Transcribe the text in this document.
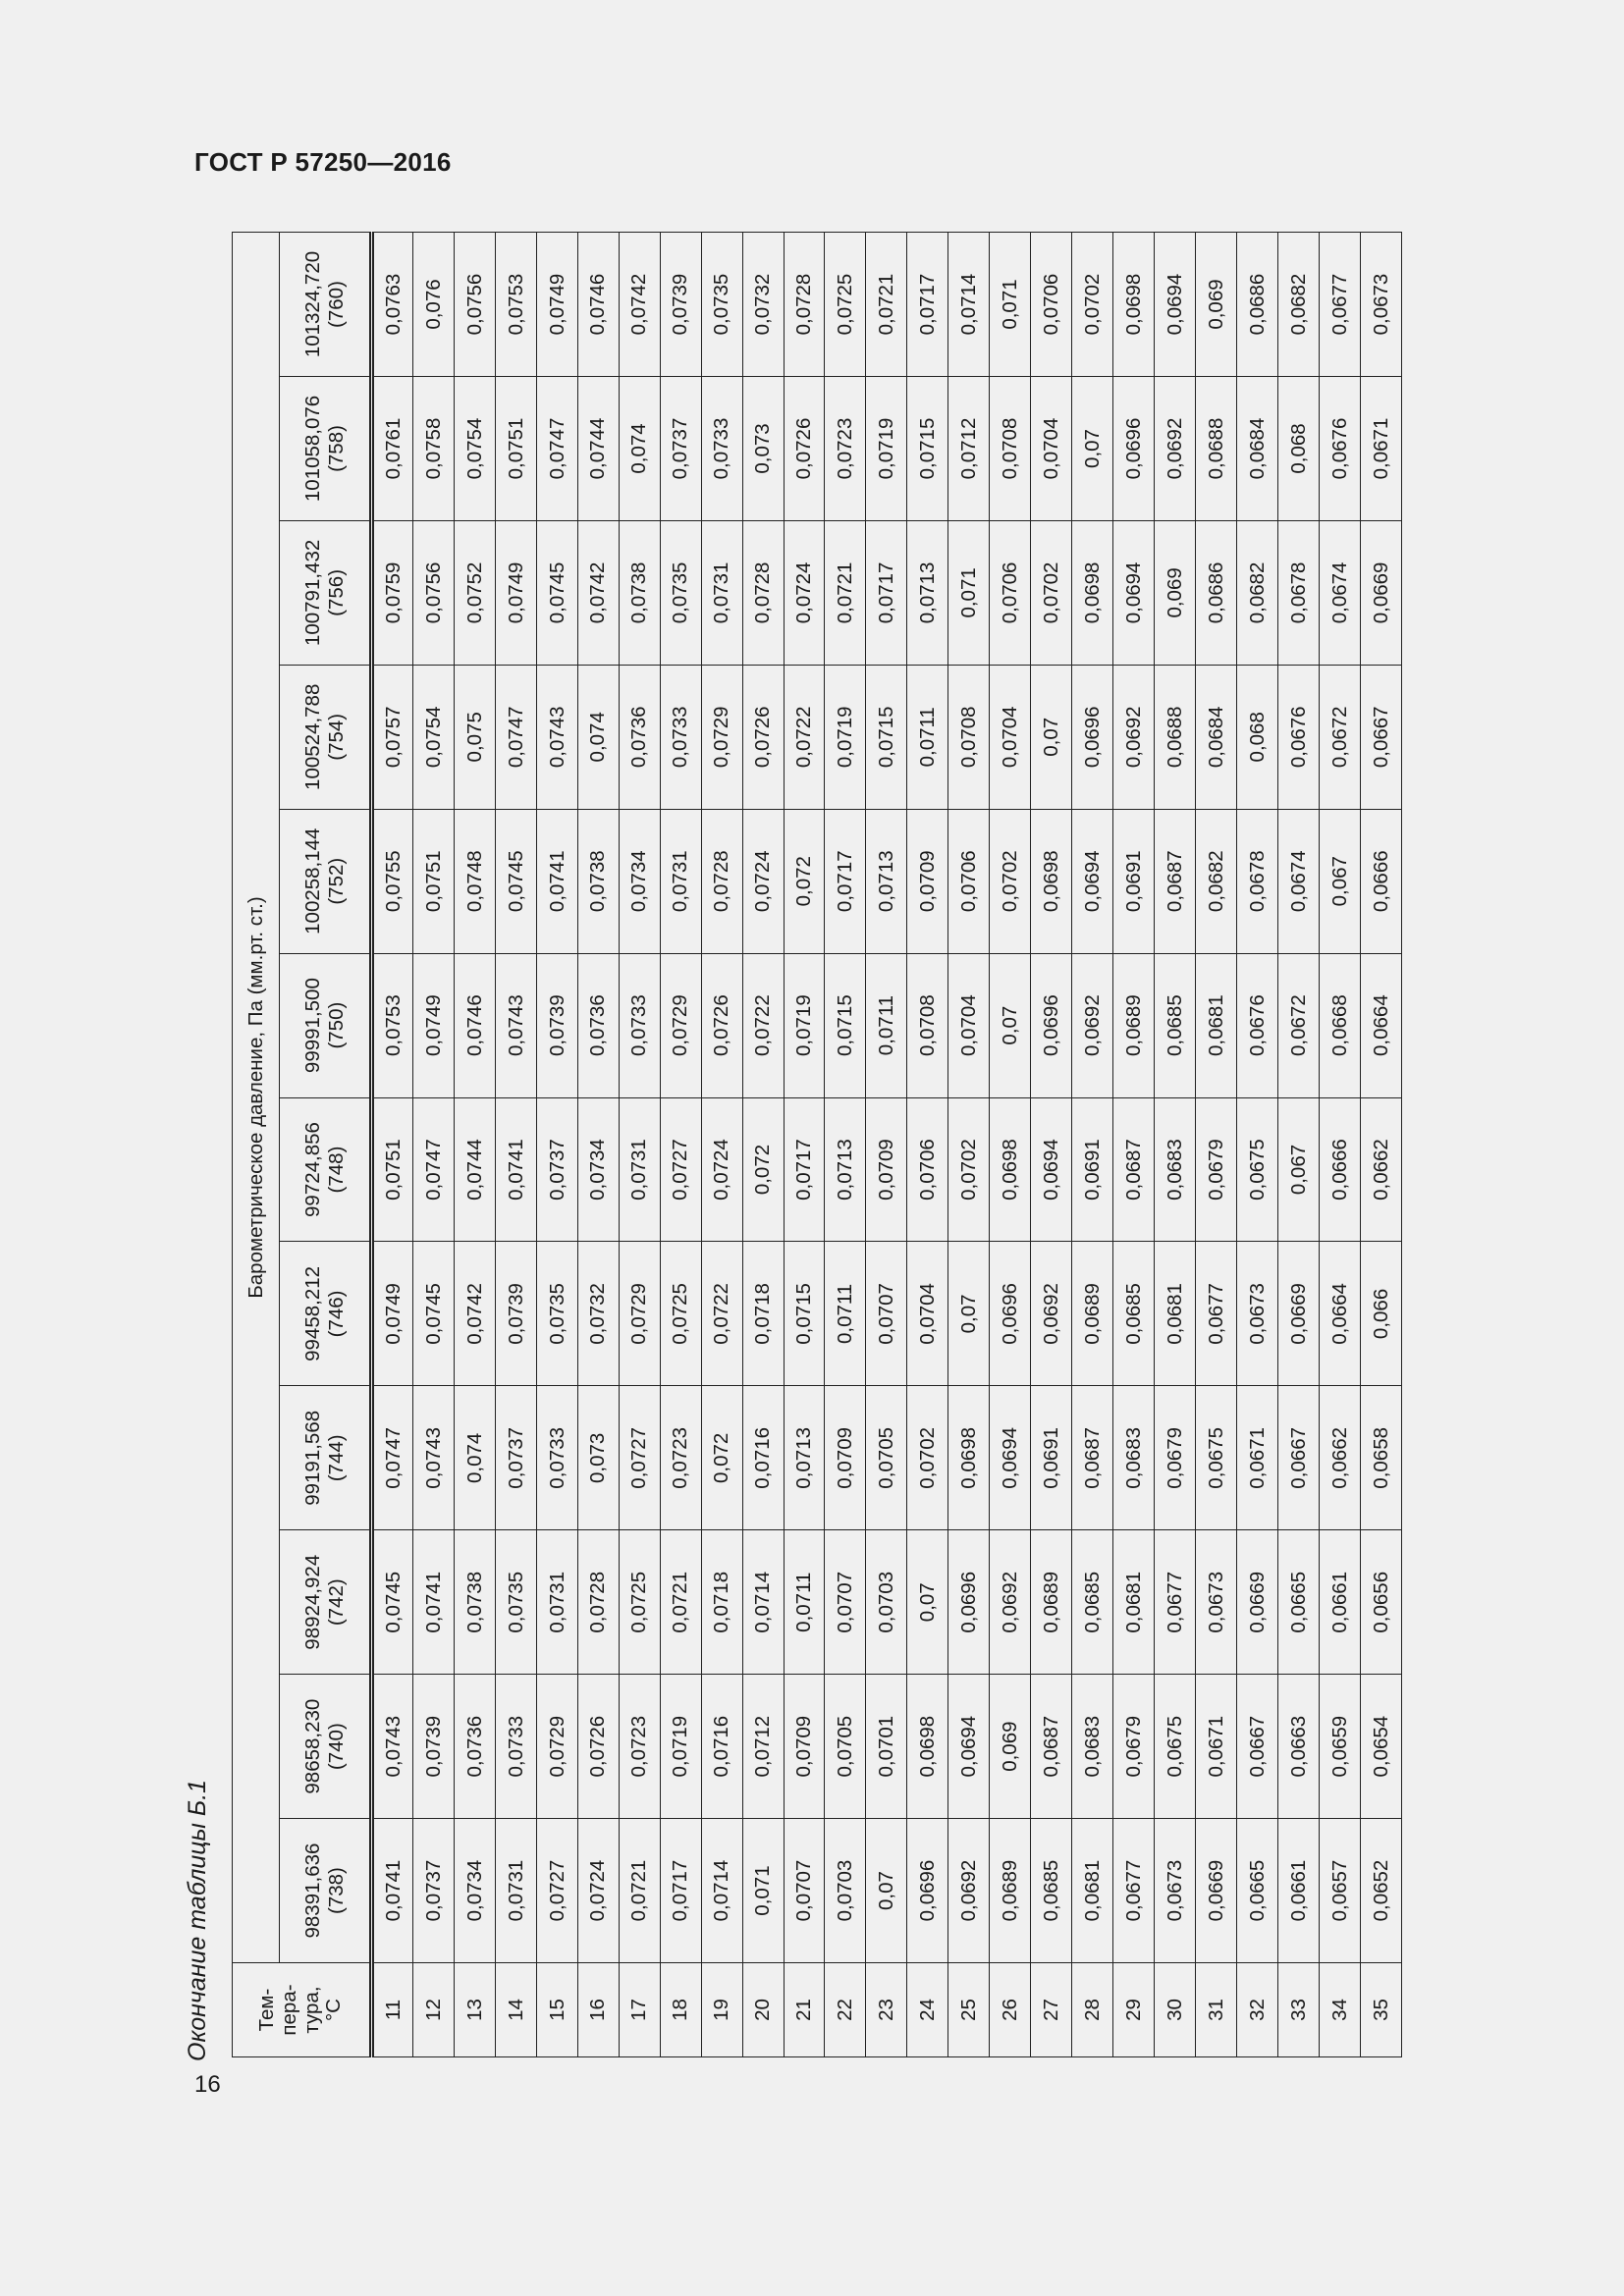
ГОСТ Р 57250—2016
Окончание таблицы Б.1
16
Тем-
пера-
тура,
°С	Барометрическое давление, Па (мм.рт. ст.)											
	98391,636
(738)	98658,230
(740)	98924,924
(742)	99191,568
(744)	99458,212
(746)	99724,856
(748)	99991,500
(750)	100258,144
(752)	100524,788
(754)	100791,432
(756)	101058,076
(758)	101324,720
(760)
11	0,0741	0,0743	0,0745	0,0747	0,0749	0,0751	0,0753	0,0755	0,0757	0,0759	0,0761	0,0763
12	0,0737	0,0739	0,0741	0,0743	0,0745	0,0747	0,0749	0,0751	0,0754	0,0756	0,0758	0,076
13	0,0734	0,0736	0,0738	0,074	0,0742	0,0744	0,0746	0,0748	0,075	0,0752	0,0754	0,0756
14	0,0731	0,0733	0,0735	0,0737	0,0739	0,0741	0,0743	0,0745	0,0747	0,0749	0,0751	0,0753
15	0,0727	0,0729	0,0731	0,0733	0,0735	0,0737	0,0739	0,0741	0,0743	0,0745	0,0747	0,0749
16	0,0724	0,0726	0,0728	0,073	0,0732	0,0734	0,0736	0,0738	0,074	0,0742	0,0744	0,0746
17	0,0721	0,0723	0,0725	0,0727	0,0729	0,0731	0,0733	0,0734	0,0736	0,0738	0,074	0,0742
18	0,0717	0,0719	0,0721	0,0723	0,0725	0,0727	0,0729	0,0731	0,0733	0,0735	0,0737	0,0739
19	0,0714	0,0716	0,0718	0,072	0,0722	0,0724	0,0726	0,0728	0,0729	0,0731	0,0733	0,0735
20	0,071	0,0712	0,0714	0,0716	0,0718	0,072	0,0722	0,0724	0,0726	0,0728	0,073	0,0732
21	0,0707	0,0709	0,0711	0,0713	0,0715	0,0717	0,0719	0,072	0,0722	0,0724	0,0726	0,0728
22	0,0703	0,0705	0,0707	0,0709	0,0711	0,0713	0,0715	0,0717	0,0719	0,0721	0,0723	0,0725
23	0,07	0,0701	0,0703	0,0705	0,0707	0,0709	0,0711	0,0713	0,0715	0,0717	0,0719	0,0721
24	0,0696	0,0698	0,07	0,0702	0,0704	0,0706	0,0708	0,0709	0,0711	0,0713	0,0715	0,0717
25	0,0692	0,0694	0,0696	0,0698	0,07	0,0702	0,0704	0,0706	0,0708	0,071	0,0712	0,0714
26	0,0689	0,069	0,0692	0,0694	0,0696	0,0698	0,07	0,0702	0,0704	0,0706	0,0708	0,071
27	0,0685	0,0687	0,0689	0,0691	0,0692	0,0694	0,0696	0,0698	0,07	0,0702	0,0704	0,0706
28	0,0681	0,0683	0,0685	0,0687	0,0689	0,0691	0,0692	0,0694	0,0696	0,0698	0,07	0,0702
29	0,0677	0,0679	0,0681	0,0683	0,0685	0,0687	0,0689	0,0691	0,0692	0,0694	0,0696	0,0698
30	0,0673	0,0675	0,0677	0,0679	0,0681	0,0683	0,0685	0,0687	0,0688	0,069	0,0692	0,0694
31	0,0669	0,0671	0,0673	0,0675	0,0677	0,0679	0,0681	0,0682	0,0684	0,0686	0,0688	0,069
32	0,0665	0,0667	0,0669	0,0671	0,0673	0,0675	0,0676	0,0678	0,068	0,0682	0,0684	0,0686
33	0,0661	0,0663	0,0665	0,0667	0,0669	0,067	0,0672	0,0674	0,0676	0,0678	0,068	0,0682
34	0,0657	0,0659	0,0661	0,0662	0,0664	0,0666	0,0668	0,067	0,0672	0,0674	0,0676	0,0677
35	0,0652	0,0654	0,0656	0,0658	0,066	0,0662	0,0664	0,0666	0,0667	0,0669	0,0671	0,0673
